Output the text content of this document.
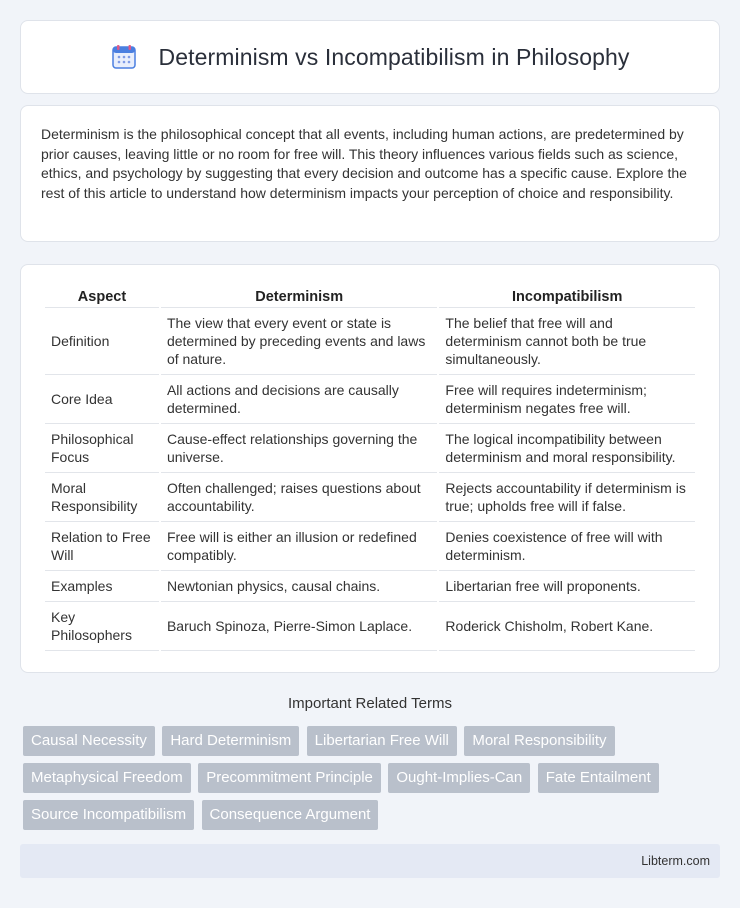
Determinism vs Incompatibilism in Philosophy

Determinism is the philosophical concept that all events, including human actions, are predetermined by prior causes, leaving little or no room for free will. This theory influences various fields such as science, ethics, and psychology by suggesting that every decision and outcome has a specific cause. Explore the rest of this article to understand how determinism impacts your perception of choice and responsibility.

Aspect	Determinism	Incompatibilism
Definition	The view that every event or state is determined by preceding events and laws of nature.	The belief that free will and determinism cannot both be true simultaneously.
Core Idea	All actions and decisions are causally determined.	Free will requires indeterminism; determinism negates free will.
Philosophical Focus	Cause-effect relationships governing the universe.	The logical incompatibility between determinism and moral responsibility.
Moral Responsibility	Often challenged; raises questions about accountability.	Rejects accountability if determinism is true; upholds free will if false.
Relation to Free Will	Free will is either an illusion or redefined compatibly.	Denies coexistence of free will with determinism.
Examples	Newtonian physics, causal chains.	Libertarian free will proponents.
Key Philosophers	Baruch Spinoza, Pierre-Simon Laplace.	Roderick Chisholm, Robert Kane.
Important Related Terms
Causal Necessity Hard Determinism Libertarian Free Will Moral Responsibility
Metaphysical Freedom Precommitment Principle Ought-Implies-Can Fate Entailment
Source Incompatibilism Consequence Argument
Libterm.com
